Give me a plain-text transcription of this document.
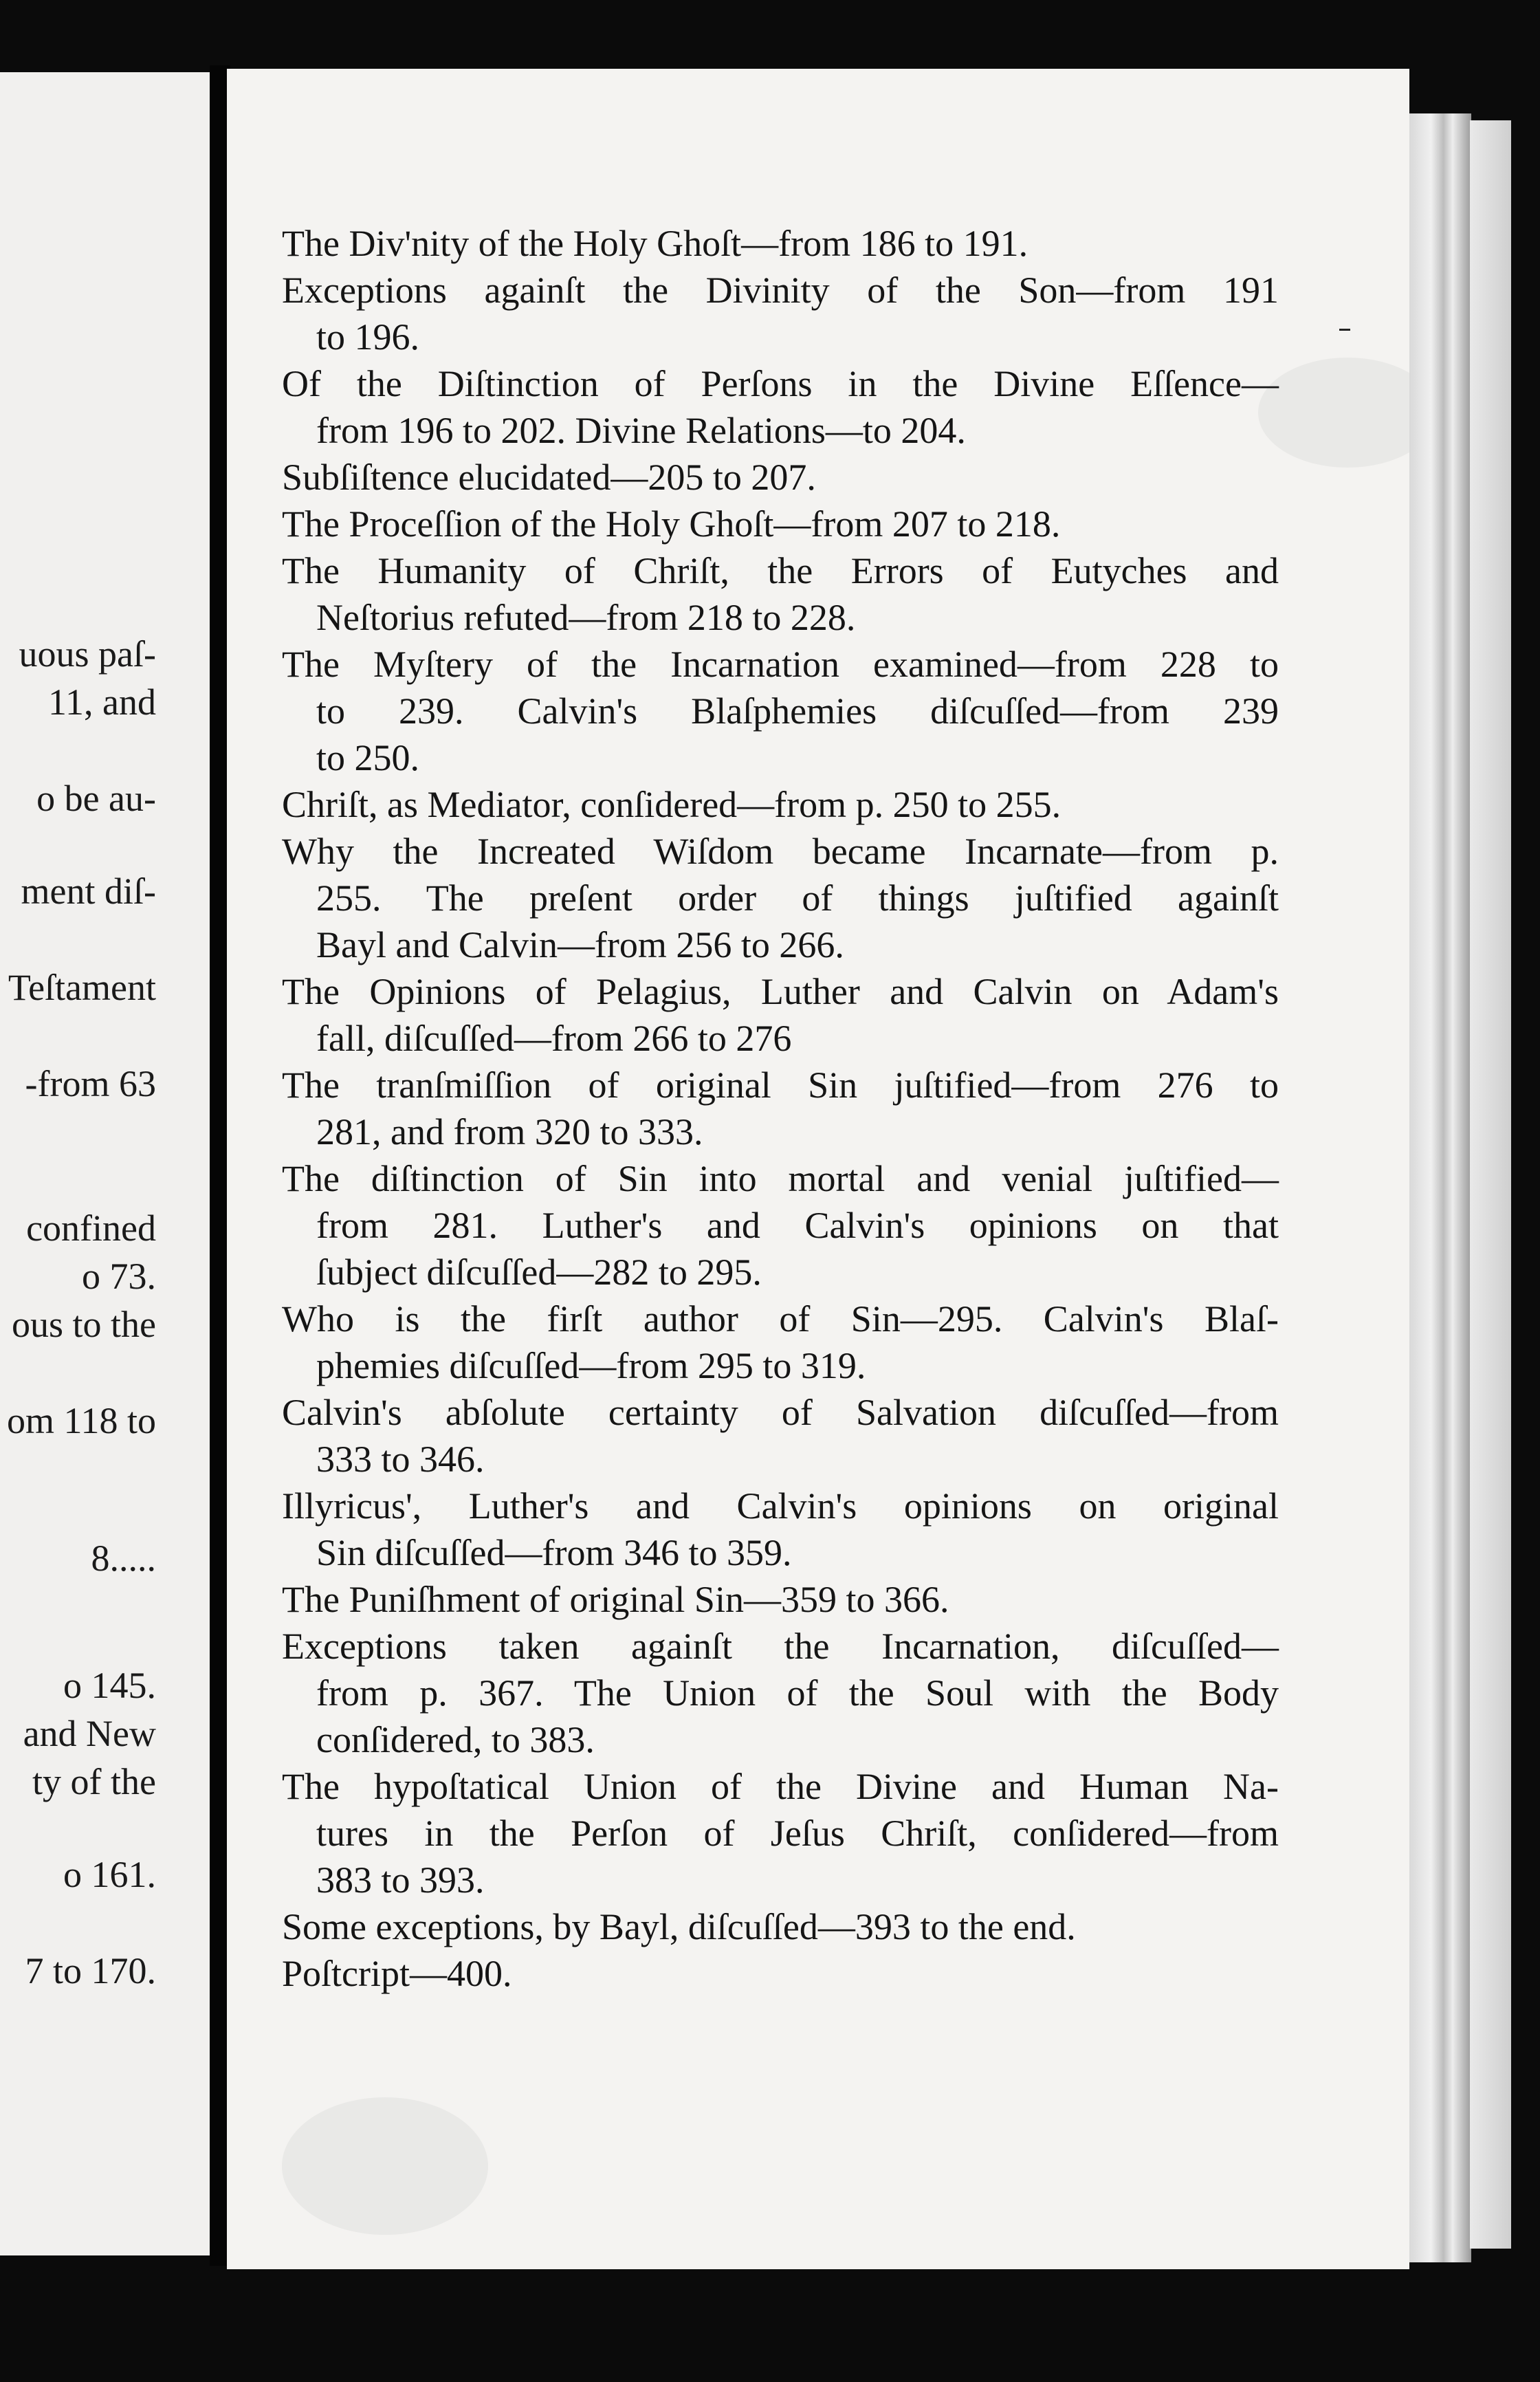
uous paſ-
11, and
o be au-
ment diſ-
Teſtament
-from 63
confined
o 73.
ous to the
om 118 to
8.....
o 145.
and New
ty of the
o 161.
7 to 170.
The Div'nity of the Holy Ghoſt—from 186 to 191.
Exceptions againſt the Divinity of the Son—from 191
to 196.
Of the Diſtinction of Perſons in the Divine Eſſence—
from 196 to 202. Divine Relations—to 204.
Subſiſtence elucidated—205 to 207.
The Proceſſion of the Holy Ghoſt—from 207 to 218.
The Humanity of Chriſt, the Errors of Eutyches and
Neſtorius refuted—from 218 to 228.
The Myſtery of the Incarnation examined—from 228 to
to 239. Calvin's Blaſphemies diſcuſſed—from 239
to 250.
Chriſt, as Mediator, conſidered—from p. 250 to 255.
Why the Increated Wiſdom became Incarnate—from p.
255. The preſent order of things juſtified againſt
Bayl and Calvin—from 256 to 266.
The Opinions of Pelagius, Luther and Calvin on Adam's
fall, diſcuſſed—from 266 to 276
The tranſmiſſion of original Sin juſtified—from 276 to
281, and from 320 to 333.
The diſtinction of Sin into mortal and venial juſtified—
from 281. Luther's and Calvin's opinions on that
ſubject diſcuſſed—282 to 295.
Who is the firſt author of Sin—295. Calvin's Blaſ-
phemies diſcuſſed—from 295 to 319.
Calvin's abſolute certainty of Salvation diſcuſſed—from
333 to 346.
Illyricus', Luther's and Calvin's opinions on original
Sin diſcuſſed—from 346 to 359.
The Puniſhment of original Sin—359 to 366.
Exceptions taken againſt the Incarnation, diſcuſſed—
from p. 367. The Union of the Soul with the Body
conſidered, to 383.
The hypoſtatical Union of the Divine and Human Na-
tures in the Perſon of Jeſus Chriſt, conſidered—from
383 to 393.
Some exceptions, by Bayl, diſcuſſed—393 to the end.
Poſtcript—400.
